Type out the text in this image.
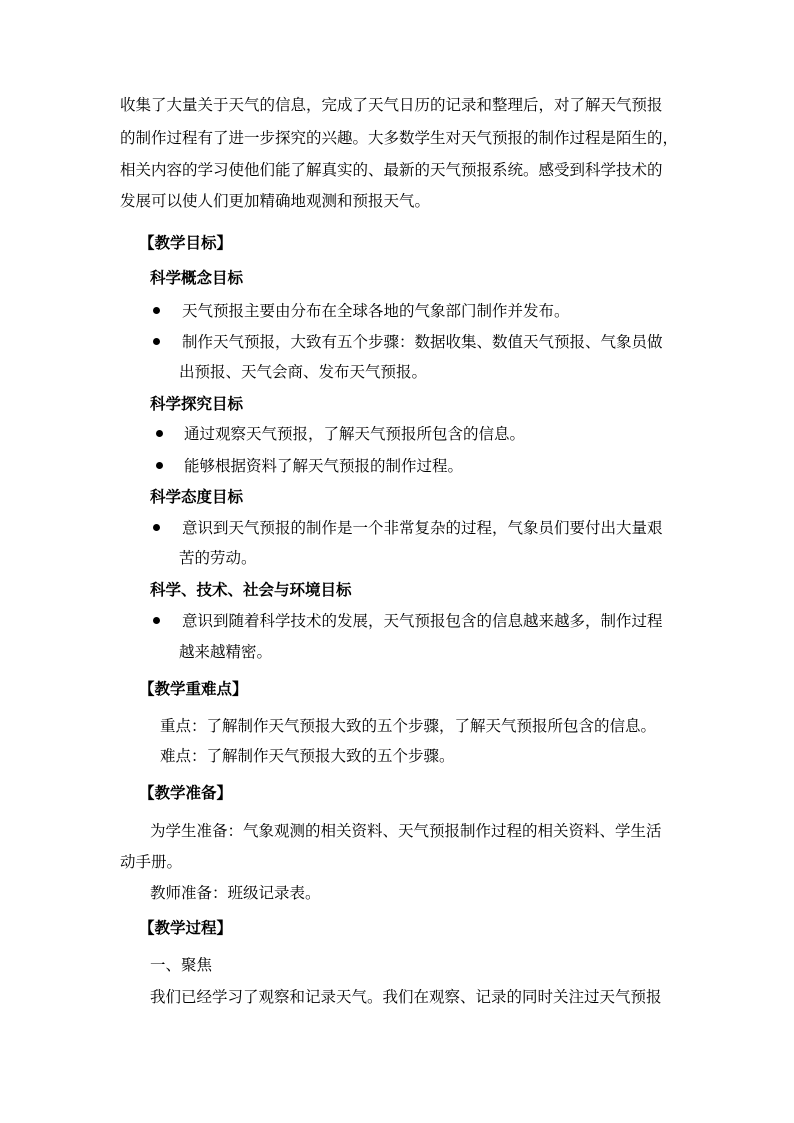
收集了大量关于天气的信息，完成了天气日历的记录和整理后，对了解天气预报
的制作过程有了进一步探究的兴趣。大多数学生对天气预报的制作过程是陌生的，
相关内容的学习使他们能了解真实的、最新的天气预报系统。感受到科学技术的
发展可以使人们更加精确地观测和预报天气。
【教学目标】
科学概念目标
天气预报主要由分布在全球各地的气象部门制作并发布。
制作天气预报，大致有五个步骤：数据收集、数值天气预报、气象员做
出预报、天气会商、发布天气预报。
科学探究目标
通过观察天气预报，了解天气预报所包含的信息。
能够根据资料了解天气预报的制作过程。
科学态度目标
意识到天气预报的制作是一个非常复杂的过程，气象员们要付出大量艰
苦的劳动。
科学、技术、社会与环境目标
意识到随着科学技术的发展，天气预报包含的信息越来越多，制作过程
越来越精密。
【教学重难点】
重点：了解制作天气预报大致的五个步骤，了解天气预报所包含的信息。
难点：了解制作天气预报大致的五个步骤。
【教学准备】
为学生准备：气象观测的相关资料、天气预报制作过程的相关资料、学生活
动手册。
教师准备：班级记录表。
【教学过程】
一、聚焦
我们已经学习了观察和记录天气。我们在观察、记录的同时关注过天气预报
